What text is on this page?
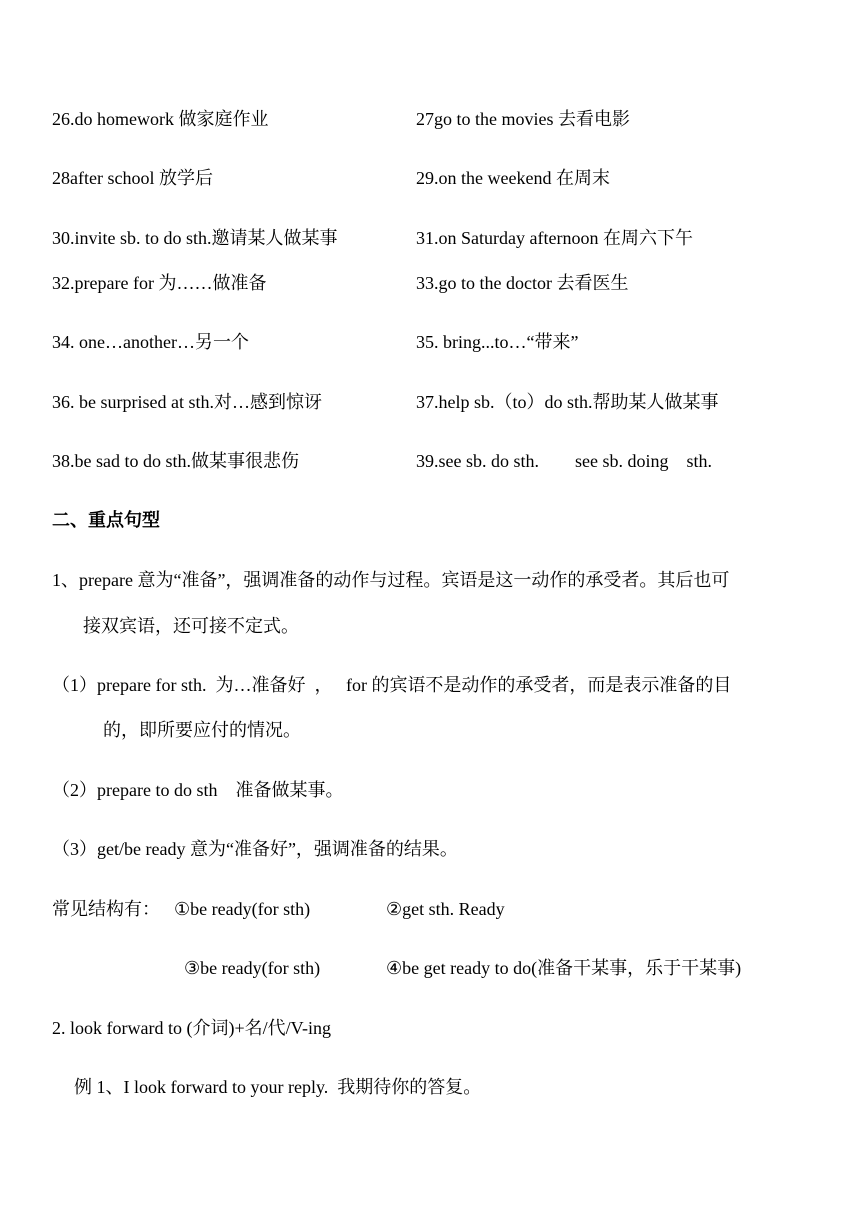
26.do homework 做家庭作业	27go to the movies 去看电影
28after school 放学后	29.on the weekend 在周末
30.invite sb. to do sth.邀请某人做某事	31.on Saturday afternoon 在周六下午
32.prepare for 为……做准备	33.go to the doctor 去看医生
34. one…another…另一个	35. bring...to…“带来”
36. be surprised at sth.对…感到惊讶	37.help sb.（to）do sth.帮助某人做某事
38.be sad to do sth.做某事很悲伤	39.see sb. do sth.        see sb. doing    sth.
二、重点句型
1、prepare 意为“准备”，强调准备的动作与过程。宾语是这一动作的承受者。其后也可
接双宾语，还可接不定式。
（1）prepare for sth.  为…准备好  ，   for 的宾语不是动作的承受者，而是表示准备的目
的，即所要应付的情况。
（2）prepare to do sth    准备做某事。
（3）get/be ready 意为“准备好”，强调准备的结果。
常见结构有： ①be ready(for sth)	②get sth. Ready
③be ready(for sth)	④be get ready to do(准备干某事，乐于干某事)
2. look forward to (介词)+名/代/V-ing
例 1、I look forward to your reply.  我期待你的答复。
